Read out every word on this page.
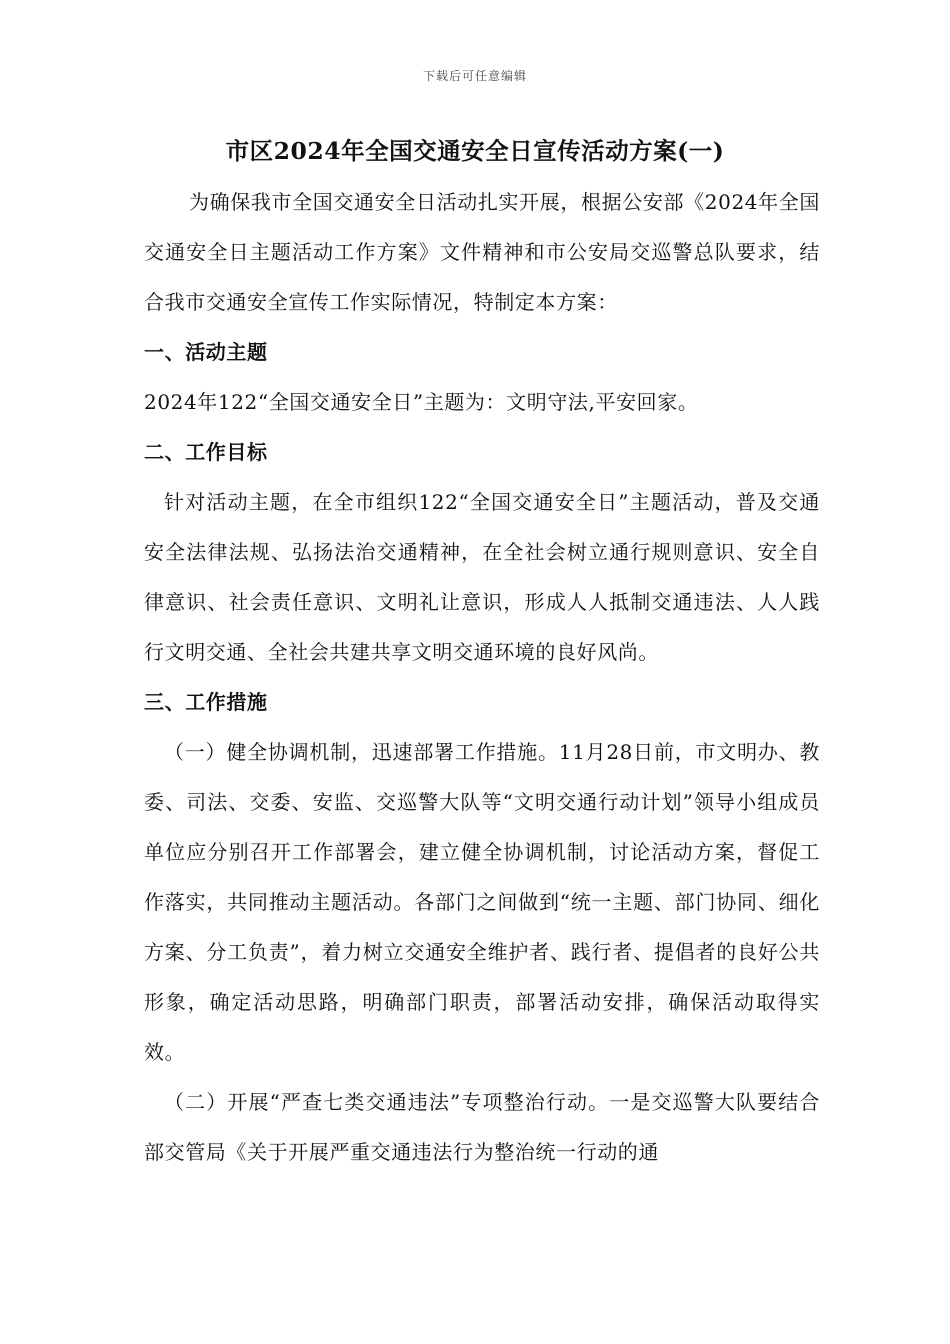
下载后可任意编辑
市区2024年全国交通安全日宣传活动方案(一)

为确保我市全国交通安全日活动扎实开展，根据公安部《2024年全国交通安全日主题活动工作方案》文件精神和市公安局交巡警总队要求，结合我市交通安全宣传工作实际情况，特制定本方案：

一、活动主题

2024年122“全国交通安全日”主题为：文明守法,平安回家。

二、工作目标

针对活动主题，在全市组织122“全国交通安全日”主题活动，普及交通安全法律法规、弘扬法治交通精神，在全社会树立通行规则意识、安全自律意识、社会责任意识、文明礼让意识，形成人人抵制交通违法、人人践行文明交通、全社会共建共享文明交通环境的良好风尚。

三、工作措施

（一）健全协调机制，迅速部署工作措施。11月28日前，市文明办、教委、司法、交委、安监、交巡警大队等“文明交通行动计划”领导小组成员单位应分别召开工作部署会，建立健全协调机制，讨论活动方案，督促工作落实，共同推动主题活动。各部门之间做到“统一主题、部门协同、细化方案、分工负责”，着力树立交通安全维护者、践行者、提倡者的良好公共形象，确定活动思路，明确部门职责，部署活动安排，确保活动取得实效。

（二）开展“严查七类交通违法”专项整治行动。一是交巡警大队要结合部交管局《关于开展严重交通违法行为整治统一行动的通
